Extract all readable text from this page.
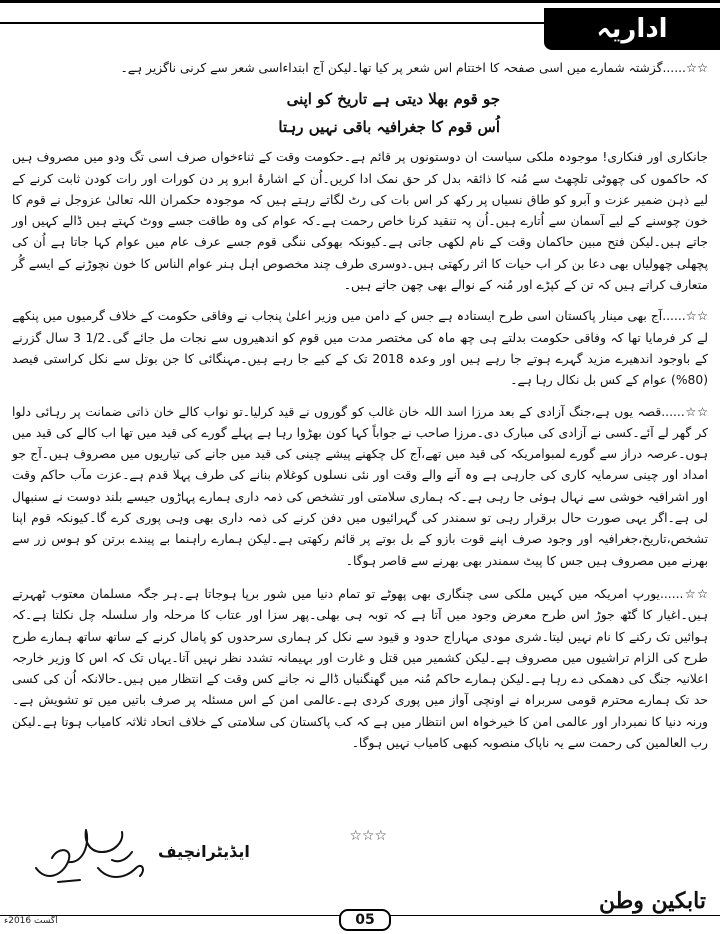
اداریہ

☆☆......گزشتہ شمارے میں اسی صفحہ کا اختتام اس شعر پر کیا تھا۔لیکن آج ابتداءاسی شعر سے کرنی ناگزیر ہے۔

جو قوم بھلا دیتی ہے تاریخ کو اپنی
اُس قوم کا جغرافیہ باقی نہیں رہتا

جانکاری اور فنکاری! موجودہ ملکی سیاست ان دوستونوں پر قائم ہے۔حکومت وقت کے ثناءخواں صرف اسی تگ ودو میں مصروف ہیں کہ حاکموں کی چھوٹی تلچھٹ سے مُنہ کا ذائقہ بدل کر حق نمک ادا کریں۔اُن کے اشارۂ ابرو پر دن کورات اور رات کودن ثابت کرنے کے لیے ذہن ضمیر عزت و آبرو کو طاق نسیاں پر رکھ کر اس بات کی رٹ لگاتے رہتے ہیں کہ موجودہ حکمران اللہ تعالیٰ عزوجل نے قوم کا خون چوسنے کے لیے آسمان سے اُتارے ہیں۔اُن پہ تنقید کرنا خاص رحمت ہے۔کہ عوام کی وہ طاقت جسے ووٹ کہتے ہیں ڈالے کہیں اور جاتے ہیں۔لیکن فتح مبین حاکمان وقت کے نام لکھی جاتی ہے۔کیونکہ بھوکی ننگی قوم جسے عرف عام میں عوام کہا جاتا ہے اُن کی پچھلی چھولیاں بھی دعا بن کر اب حیات کا اثر رکھتی ہیں۔دوسری طرف چند مخصوص اہل ہنر عوام الناس کا خون نچوڑنے کے ایسے گُر متعارف کراتے ہیں کہ تن کے کپڑے اور مُنہ کے نوالے بھی چھن جاتے ہیں۔

☆☆......آج بھی مینار پاکستان اسی طرح ایستادہ ہے جس کے دامن میں وزیر اعلیٰ پنجاب نے وفاقی حکومت کے خلاف گرمیوں میں پنکھے لے کر فرمایا تھا کہ وفاقی حکومت بدلتے ہی چھ ماہ کی مختصر مدت میں قوم کو اندھیروں سے نجات مل جائے گی۔1/2 3 سال گزرنے کے باوجود اندھیرے مزید گہرے ہوتے جا رہے ہیں اور وعدہ 2018 تک کے کیے جا رہے ہیں۔مہنگائی کا جن بوتل سے نکل کراستی فیصد (80%) عوام کے کس بل نکال رہا ہے۔

☆☆......قصہ یوں ہے،جنگ آزادی کے بعد مرزا اسد اللہ خان غالب کو گوروں نے قید کرلیا۔تو نواب کالے خان ذاتی ضمانت پر رہائی دلوا کر گھر لے آئے۔کسی نے آزادی کی مبارک دی۔مرزا صاحب نے جواباً کہا کون بھڑوا رہا ہے پہلے گورے کی قید میں تھا اب کالے کی قید میں ہوں۔عرصہ دراز سے گورے لمبوامریکہ کی قید میں تھے،آج کل چکھنے پیشے چینی کی قید میں جانے کی تیاریوں میں مصروف ہیں۔آج جو امداد اور چینی سرمایہ کاری کی جارہی ہے وہ آنے والے وقت اور نئی نسلوں کوغلام بنانے کی طرف پہلا قدم ہے۔عزت مآب حاکم وقت اور اشرافیہ خوشی سے نہال ہوئی جا رہی ہے۔کہ ہماری سلامتی اور تشخص کی ذمہ داری ہمارے پہاڑوں جیسے بلند دوست نے سنبھال لی ہے۔اگر یہی صورت حال برقرار رہی تو سمندر کی گہرائیوں میں دفن کرنے کی ذمہ داری بھی وہی پوری کرے گا۔کیونکہ قوم اپنا تشخص،تاریخ،جغرافیہ اور وجود صرف اپنے قوت بازو کے بل بوتے پر قائم رکھتی ہے۔لیکن ہمارے راہنما بے پیندے برتن کو ہوس زر سے بھرنے میں مصروف ہیں جس کا پیٹ سمندر بھی بھرنے سے قاصر ہوگا۔

☆☆......یورپ امریکہ میں کہیں ملکی سی چنگاری بھی پھوٹے تو تمام دنیا میں شور برپا ہوجاتا ہے۔ہر جگہ مسلمان معتوب ٹھہرتے ہیں۔اغیار کا گٹھ جوڑ اس طرح معرض وجود میں آتا ہے کہ توبہ ہی بھلی۔پھر سزا اور عتاب کا مرحلہ وار سلسلہ چل نکلتا ہے۔کہ ہوائیں تک رکنے کا نام نہیں لیتا۔شری مودی مہاراج حدود و قیود سے نکل کر ہماری سرحدوں کو پامال کرنے کے ساتھ ساتھ ہمارے طرح طرح کی الزام تراشیوں میں مصروف ہے۔لیکن کشمیر میں قتل و غارت اور بہیمانہ تشدد نظر نہیں آتا۔یہاں تک کہ اس کا وزیر خارجہ اعلانیہ جنگ کی دھمکی دے رہا ہے۔لیکن ہمارے حاکم مُنہ میں گھنگنیاں ڈالے نہ جانے کس وقت کے انتظار میں ہیں۔حالانکہ اُن کی کسی حد تک ہمارے محترم قومی سربراہ نے اونچی آواز میں پوری کردی ہے۔عالمی امن کے اس مسئلہ پر صرف باتیں میں تو تشویش ہے۔ورنہ دنیا کا نمبردار اور عالمی امن کا خیرخواہ اس انتظار میں ہے کہ کب پاکستان کی سلامتی کے خلاف اتحاد ثلاثہ کامیاب ہوتا ہے۔لیکن رب العالمین کی رحمت سے یہ ناپاک منصوبہ کبھی کامیاب نہیں ہوگا۔

☆☆☆
ایڈیٹرانچیف
اگست 2016ء	05
تابکین وطن
